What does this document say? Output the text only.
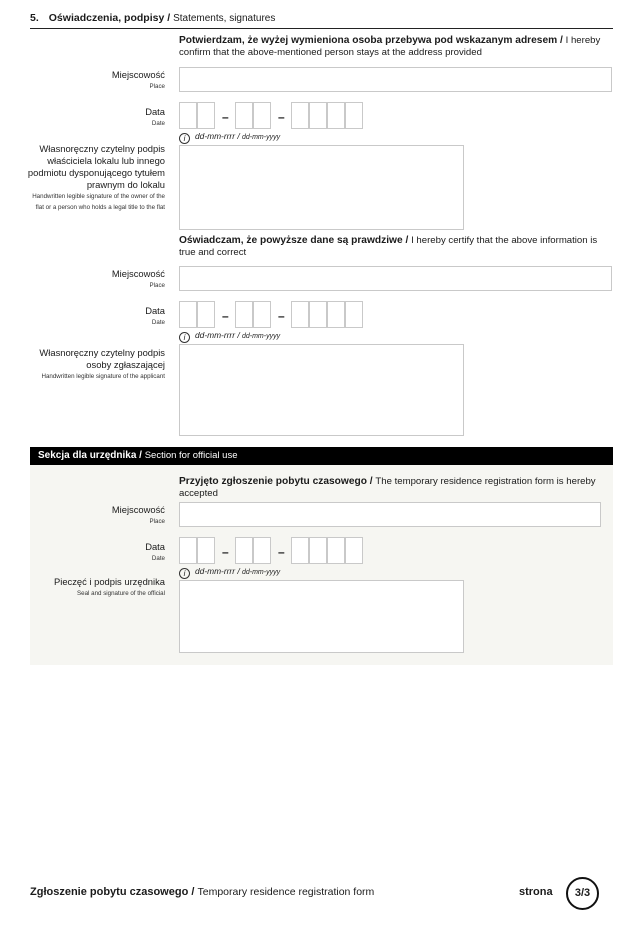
5. Oświadczenia, podpisy / Statements, signatures
Potwierdzam, że wyżej wymieniona osoba przebywa pod wskazanym adresem / I hereby confirm that the above-mentioned person stays at the address provided
Miejscowość
Place
Data
Date	–	–
i dd-mm-rrrr / dd-mm-yyyy
Własnoręczny czytelny podpis właściciela lokalu lub innego podmiotu dysponującego tytułem prawnym do lokalu
Handwritten legible signature of the owner of the flat or a person who holds a legal title to the flat
Oświadczam, że powyższe dane są prawdziwe / I hereby certify that the above information is true and correct
Miejscowość
Place
Data
Date	–	–
i dd-mm-rrrr / dd-mm-yyyy
Własnoręczny czytelny podpis osoby zgłaszającej
Handwritten legible signature of the applicant
Sekcja dla urzędnika / Section for official use
Przyjęto zgłoszenie pobytu czasowego / The temporary residence registration form is hereby accepted
Miejscowość
Place
Data
Date	–	–
i dd-mm-rrrr / dd-mm-yyyy
Pieczęć i podpis urzędnika
Seal and signature of the official
Zgłoszenie pobytu czasowego / Temporary residence registration form	strona	3/3
